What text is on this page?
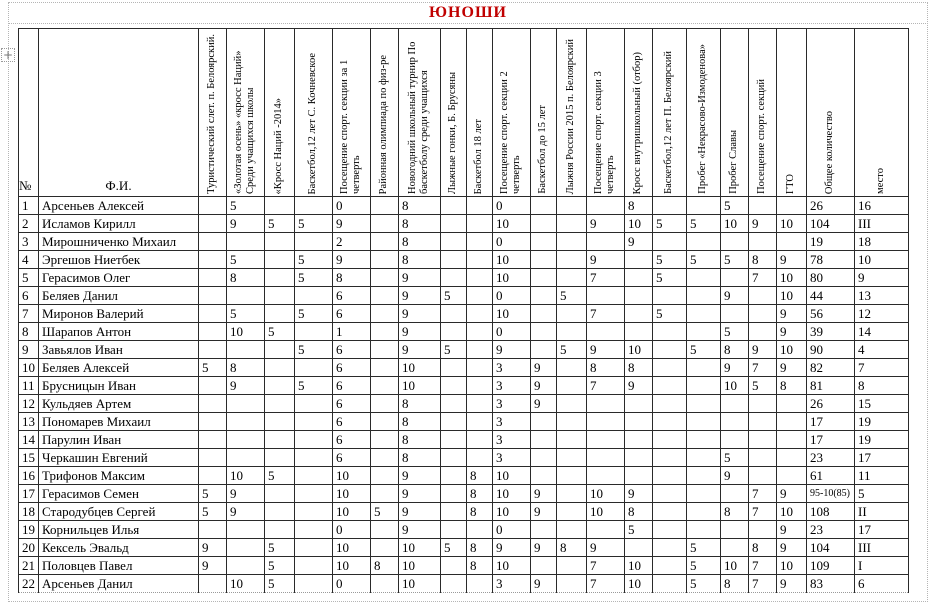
ЮНОШИ
+
№	Ф.И.	Туристический слет. п. Белоярский.	«Золотая осень» «кросс Наций» Среди учащихся школы	«Кросс Наций -2014»	Баскетбол,12 лет С. Кочневское	Посещение спорт. секции за 1 четверть	Районная олимпиада по физ-ре	Новогодний школьный турнир По баскетболу среди учащихся	Лыжные гонки, Б. Брусяны	Баскетбол 18 лет	Посещение спорт. секции 2 четверть	Баскетбол до 15 лет	Лыжня России 2015 п. Белоярский	Посещение спорт. секции 3 четверть	Кросс внутришкольный (отбор)	Баскетбол,12 лет П. Белоярский	Пробег «Некрасово-Измоденова»	Пробег Славы	Посещение спорт. секций	ГТО	Общее количество	место

1	Арсеньев Алексей		5			0		8			0				8			5			26	16
2	Исламов Кирилл		9	5	5	9		8			10			9	10	5	5	10	9	10	104	III
3	Мирошниченко Михаил					2		8			0				9						19	18
4	Эргешов Ниетбек		5		5	9		8			10			9		5	5	5	8	9	78	10
5	Герасимов Олег		8		5	8		9			10			7		5			7	10	80	9
6	Беляев Данил					6		9	5		0		5					9		10	44	13
7	Миронов Валерий		5		5	6		9			10			7		5				9	56	12
8	Шарапов Антон		10	5		1		9			0							5		9	39	14
9	Завьялов Иван				5	6		9	5		9		5	9	10		5	8	9	10	90	4
10	Беляев Алексей	5	8			6		10			3	9		8	8			9	7	9	82	7
11	Брусницын Иван		9		5	6		10			3	9		7	9			10	5	8	81	8
12	Кульдяев Артем					6		8			3	9									26	15
13	Пономарев Михаил					6		8			3										17	19
14	Парулин Иван					6		8			3										17	19
15	Черкашин Евгений					6		8			3							5			23	17
16	Трифонов Максим		10	5		10		9		8	10							9			61	11
17	Герасимов Семен	5	9			10		9		8	10	9		10	9				7	9	95-10(85)	5
18	Стародубцев Сергей	5	9			10	5	9		8	10	9		10	8			8	7	10	108	II
19	Корнильцев Илья					0		9			0				5					9	23	17
20	Кексель Эвальд	9		5		10		10	5	8	9	9	8	9			5		8	9	104	III
21	Половцев Павел	9		5		10	8	10		8	10			7	10		5	10	7	10	109	I
22	Арсеньев Данил		10	5		0		10			3	9		7	10		5	8	7	9	83	6
